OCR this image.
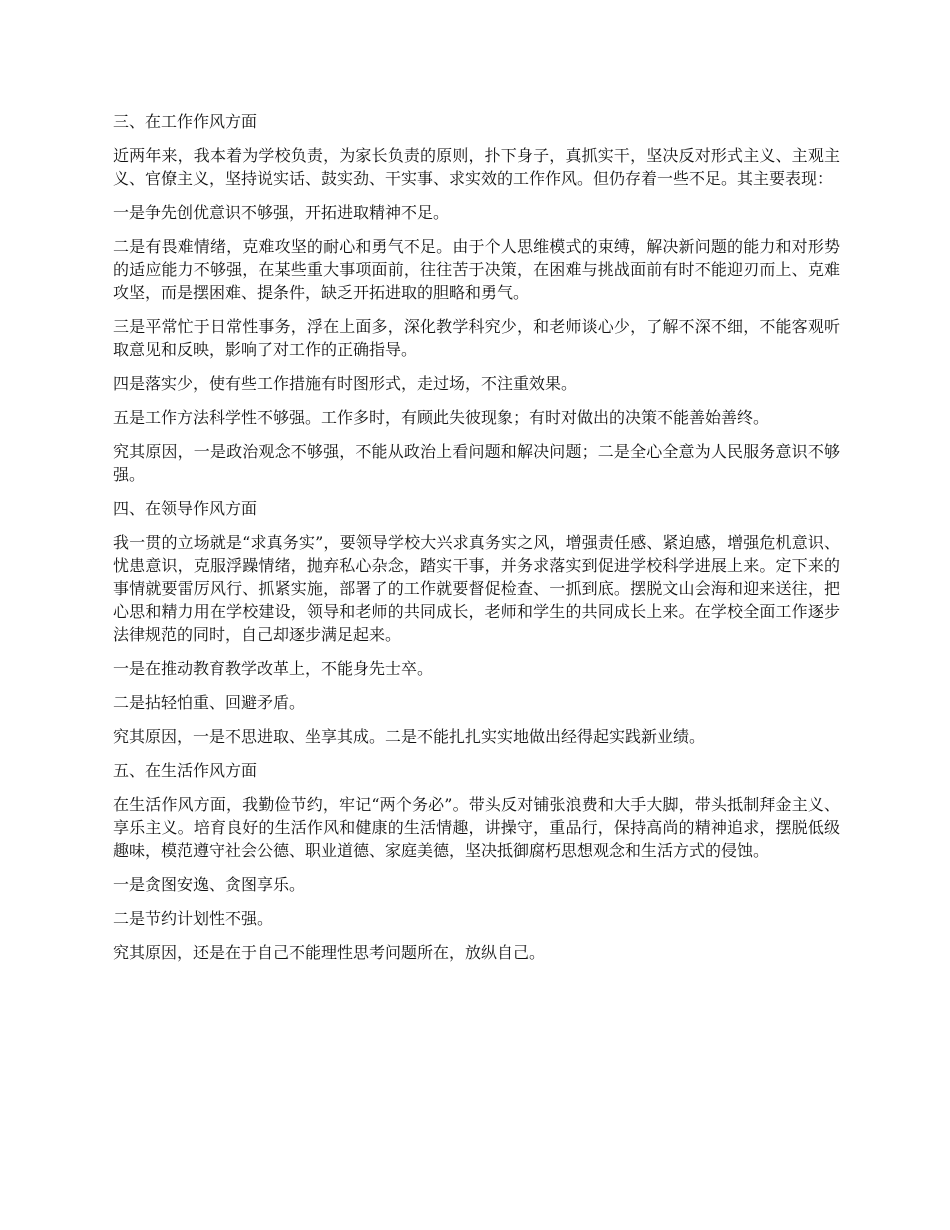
三、在工作作风方面

近两年来，我本着为学校负责，为家长负责的原则，扑下身子，真抓实干，坚决反对形式主义、主观主义、官僚主义，坚持说实话、鼓实劲、干实事、求实效的工作作风。但仍存着一些不足。其主要表现：

一是争先创优意识不够强，开拓进取精神不足。

二是有畏难情绪，克难攻坚的耐心和勇气不足。由于个人思维模式的束缚，解决新问题的能力和对形势的适应能力不够强，在某些重大事项面前，往往苦于决策，在困难与挑战面前有时不能迎刃而上、克难攻坚，而是摆困难、提条件，缺乏开拓进取的胆略和勇气。

三是平常忙于日常性事务，浮在上面多，深化教学科究少，和老师谈心少，了解不深不细，不能客观听取意见和反映，影响了对工作的正确指导。

四是落实少，使有些工作措施有时图形式，走过场，不注重效果。

五是工作方法科学性不够强。工作多时，有顾此失彼现象；有时对做出的决策不能善始善终。

究其原因，一是政治观念不够强，不能从政治上看问题和解决问题；二是全心全意为人民服务意识不够强。

四、在领导作风方面

我一贯的立场就是“求真务实”，要领导学校大兴求真务实之风，增强责任感、紧迫感，增强危机意识、忧患意识，克服浮躁情绪，抛弃私心杂念，踏实干事，并务求落实到促进学校科学进展上来。定下来的事情就要雷厉风行、抓紧实施，部署了的工作就要督促检查、一抓到底。摆脱文山会海和迎来送往，把心思和精力用在学校建设，领导和老师的共同成长，老师和学生的共同成长上来。在学校全面工作逐步法律规范的同时，自己却逐步满足起来。

一是在推动教育教学改革上，不能身先士卒。

二是拈轻怕重、回避矛盾。

究其原因，一是不思进取、坐享其成。二是不能扎扎实实地做出经得起实践新业绩。

五、在生活作风方面

在生活作风方面，我勤俭节约，牢记“两个务必”。带头反对铺张浪费和大手大脚，带头抵制拜金主义、享乐主义。培育良好的生活作风和健康的生活情趣，讲操守，重品行，保持高尚的精神追求，摆脱低级趣味，模范遵守社会公德、职业道德、家庭美德，坚决抵御腐朽思想观念和生活方式的侵蚀。

一是贪图安逸、贪图享乐。

二是节约计划性不强。

究其原因，还是在于自己不能理性思考问题所在，放纵自己。
